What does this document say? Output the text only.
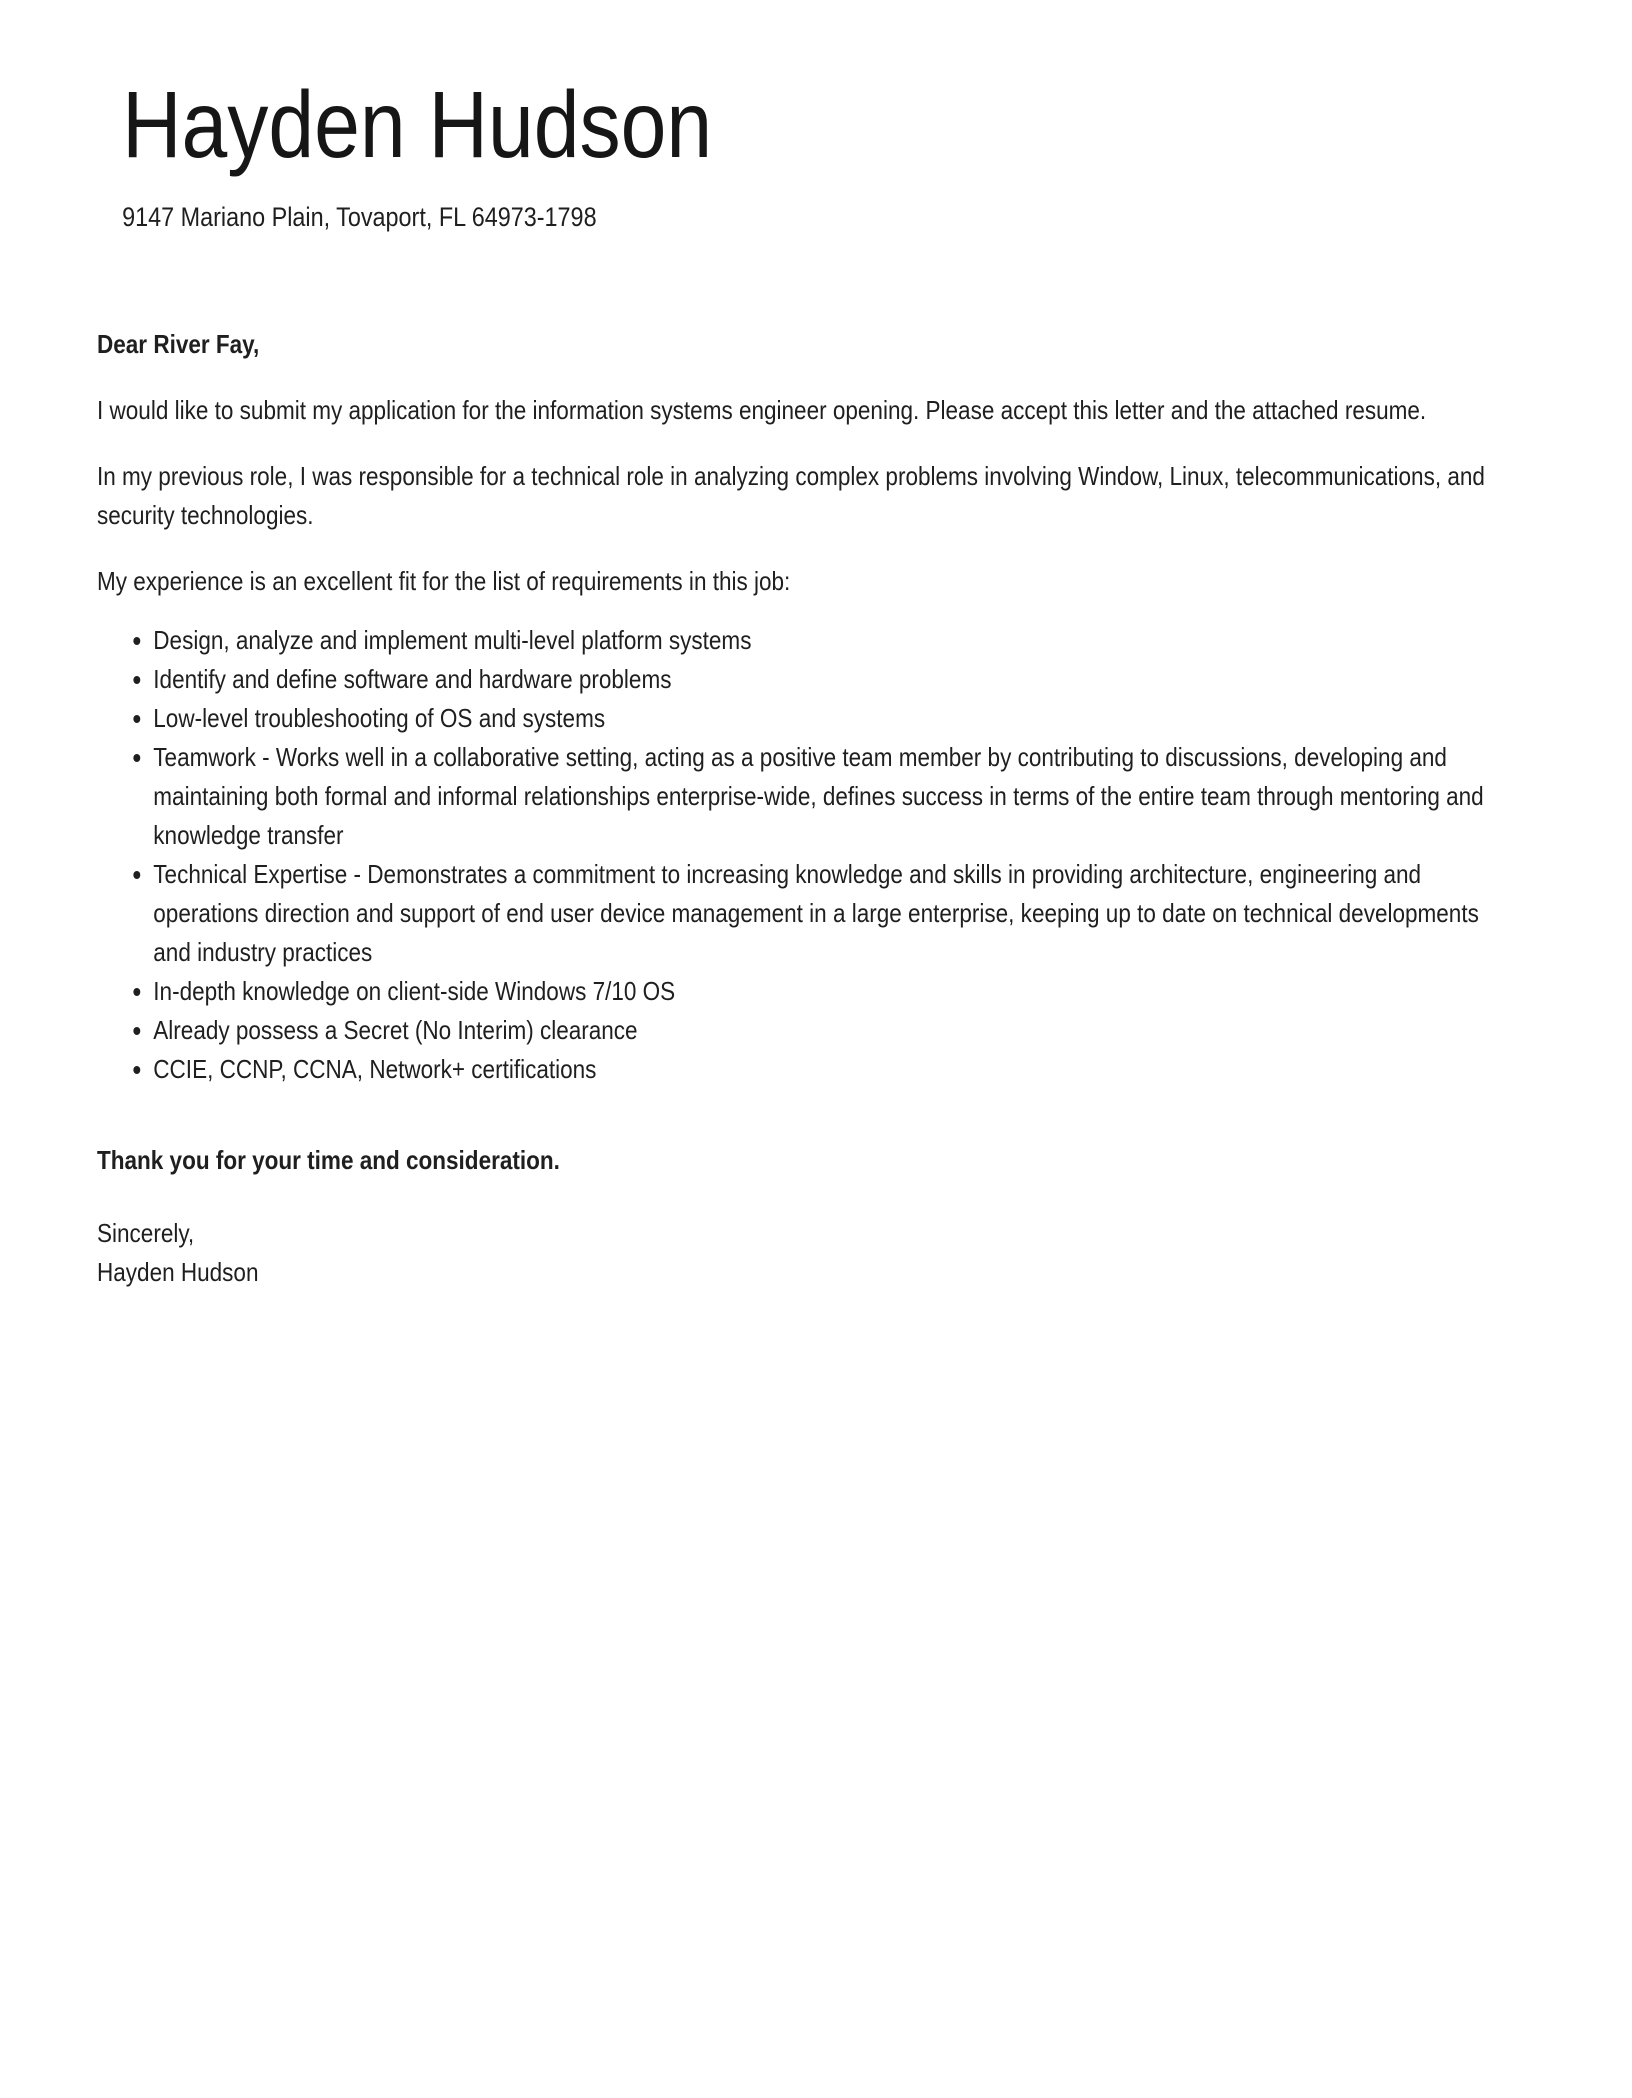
Hayden Hudson
9147 Mariano Plain, Tovaport, FL 64973-1798

Dear River Fay,

I would like to submit my application for the information systems engineer opening. Please accept this letter and the attached resume.

In my previous role, I was responsible for a technical role in analyzing complex problems involving Window, Linux, telecommunications, and security technologies.

My experience is an excellent fit for the list of requirements in this job:

• Design, analyze and implement multi-level platform systems
• Identify and define software and hardware problems
• Low-level troubleshooting of OS and systems
• Teamwork - Works well in a collaborative setting, acting as a positive team member by contributing to discussions, developing and maintaining both formal and informal relationships enterprise-wide, defines success in terms of the entire team through mentoring and knowledge transfer
• Technical Expertise - Demonstrates a commitment to increasing knowledge and skills in providing architecture, engineering and operations direction and support of end user device management in a large enterprise, keeping up to date on technical developments and industry practices
• In-depth knowledge on client-side Windows 7/10 OS
• Already possess a Secret (No Interim) clearance
• CCIE, CCNP, CCNA, Network+ certifications

Thank you for your time and consideration.

Sincerely,
Hayden Hudson
